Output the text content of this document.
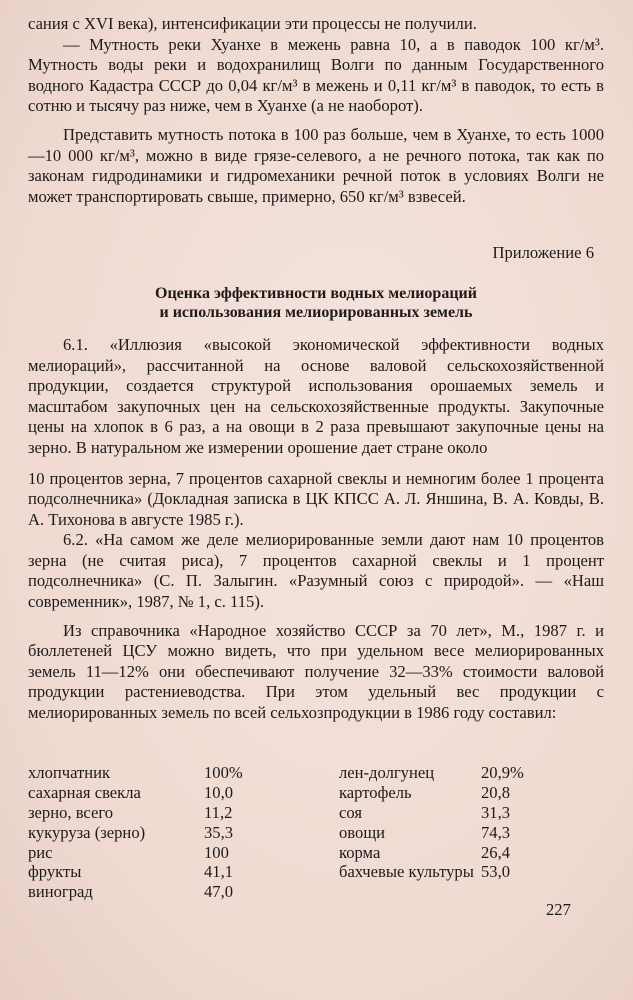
сания с XVI века), интенсификации эти процессы не получили.

— Мутность реки Хуанхе в межень равна 10, а в паводок 100 кг/м³. Мутность воды реки и водохранилищ Волги по данным Государственного водного Кадастра СССР до 0,04 кг/м³ в межень и 0,11 кг/м³ в паводок, то есть в сотню и тысячу раз ниже, чем в Хуанхе (а не наоборот).

Представить мутность потока в 100 раз больше, чем в Хуанхе, то есть 1000—10 000 кг/м³, можно в виде грязе-селевого, а не речного потока, так как по законам гидродинамики и гидромеханики речной поток в условиях Волги не может транспортировать свыше, примерно, 650 кг/м³ взвесей.

Приложение 6

Оценка эффективности водных мелиораций
и использования мелиорированных земель

6.1. «Иллюзия «высокой экономической эффективности водных мелиораций», рассчитанной на основе валовой сельскохозяйственной продукции, создается структурой использования орошаемых земель и масштабом закупочных цен на сельскохозяйственные продукты. Закупочные цены на хлопок в 6 раз, а на овощи в 2 раза превышают закупочные цены на зерно. В натуральном же измерении орошение дает стране около

10 процентов зерна, 7 процентов сахарной свеклы и немногим более 1 процента подсолнечника» (Докладная записка в ЦК КПСС А. Л. Яншина, В. А. Ковды, В. А. Тихонова в августе 1985 г.).

6.2. «На самом же деле мелиорированные земли дают нам 10 процентов зерна (не считая риса), 7 процентов сахарной свеклы и 1 процент подсолнечника» (С. П. Залыгин. «Разумный союз с природой». — «Наш современник», 1987, № 1, с. 115).

Из справочника «Народное хозяйство СССР за 70 лет», М., 1987 г. и бюллетеней ЦСУ можно видеть, что при удельном весе мелиорированных земель 11—12% они обеспечивают получение 32—33% стоимости валовой продукции растениеводства. При этом удельный вес продукции с мелиорированных земель по всей сельхозпродукции в 1986 году составил:

хлопчатник	100%	лен-долгунец	20,9%
сахарная свекла	10,0	картофель	20,8
зерно, всего	11,2	соя	31,3
кукуруза (зерно)	35,3	овощи	74,3
рис	100	корма	26,4
фрукты	41,1	бахчевые культуры 53,0
виноград	47,0
227
